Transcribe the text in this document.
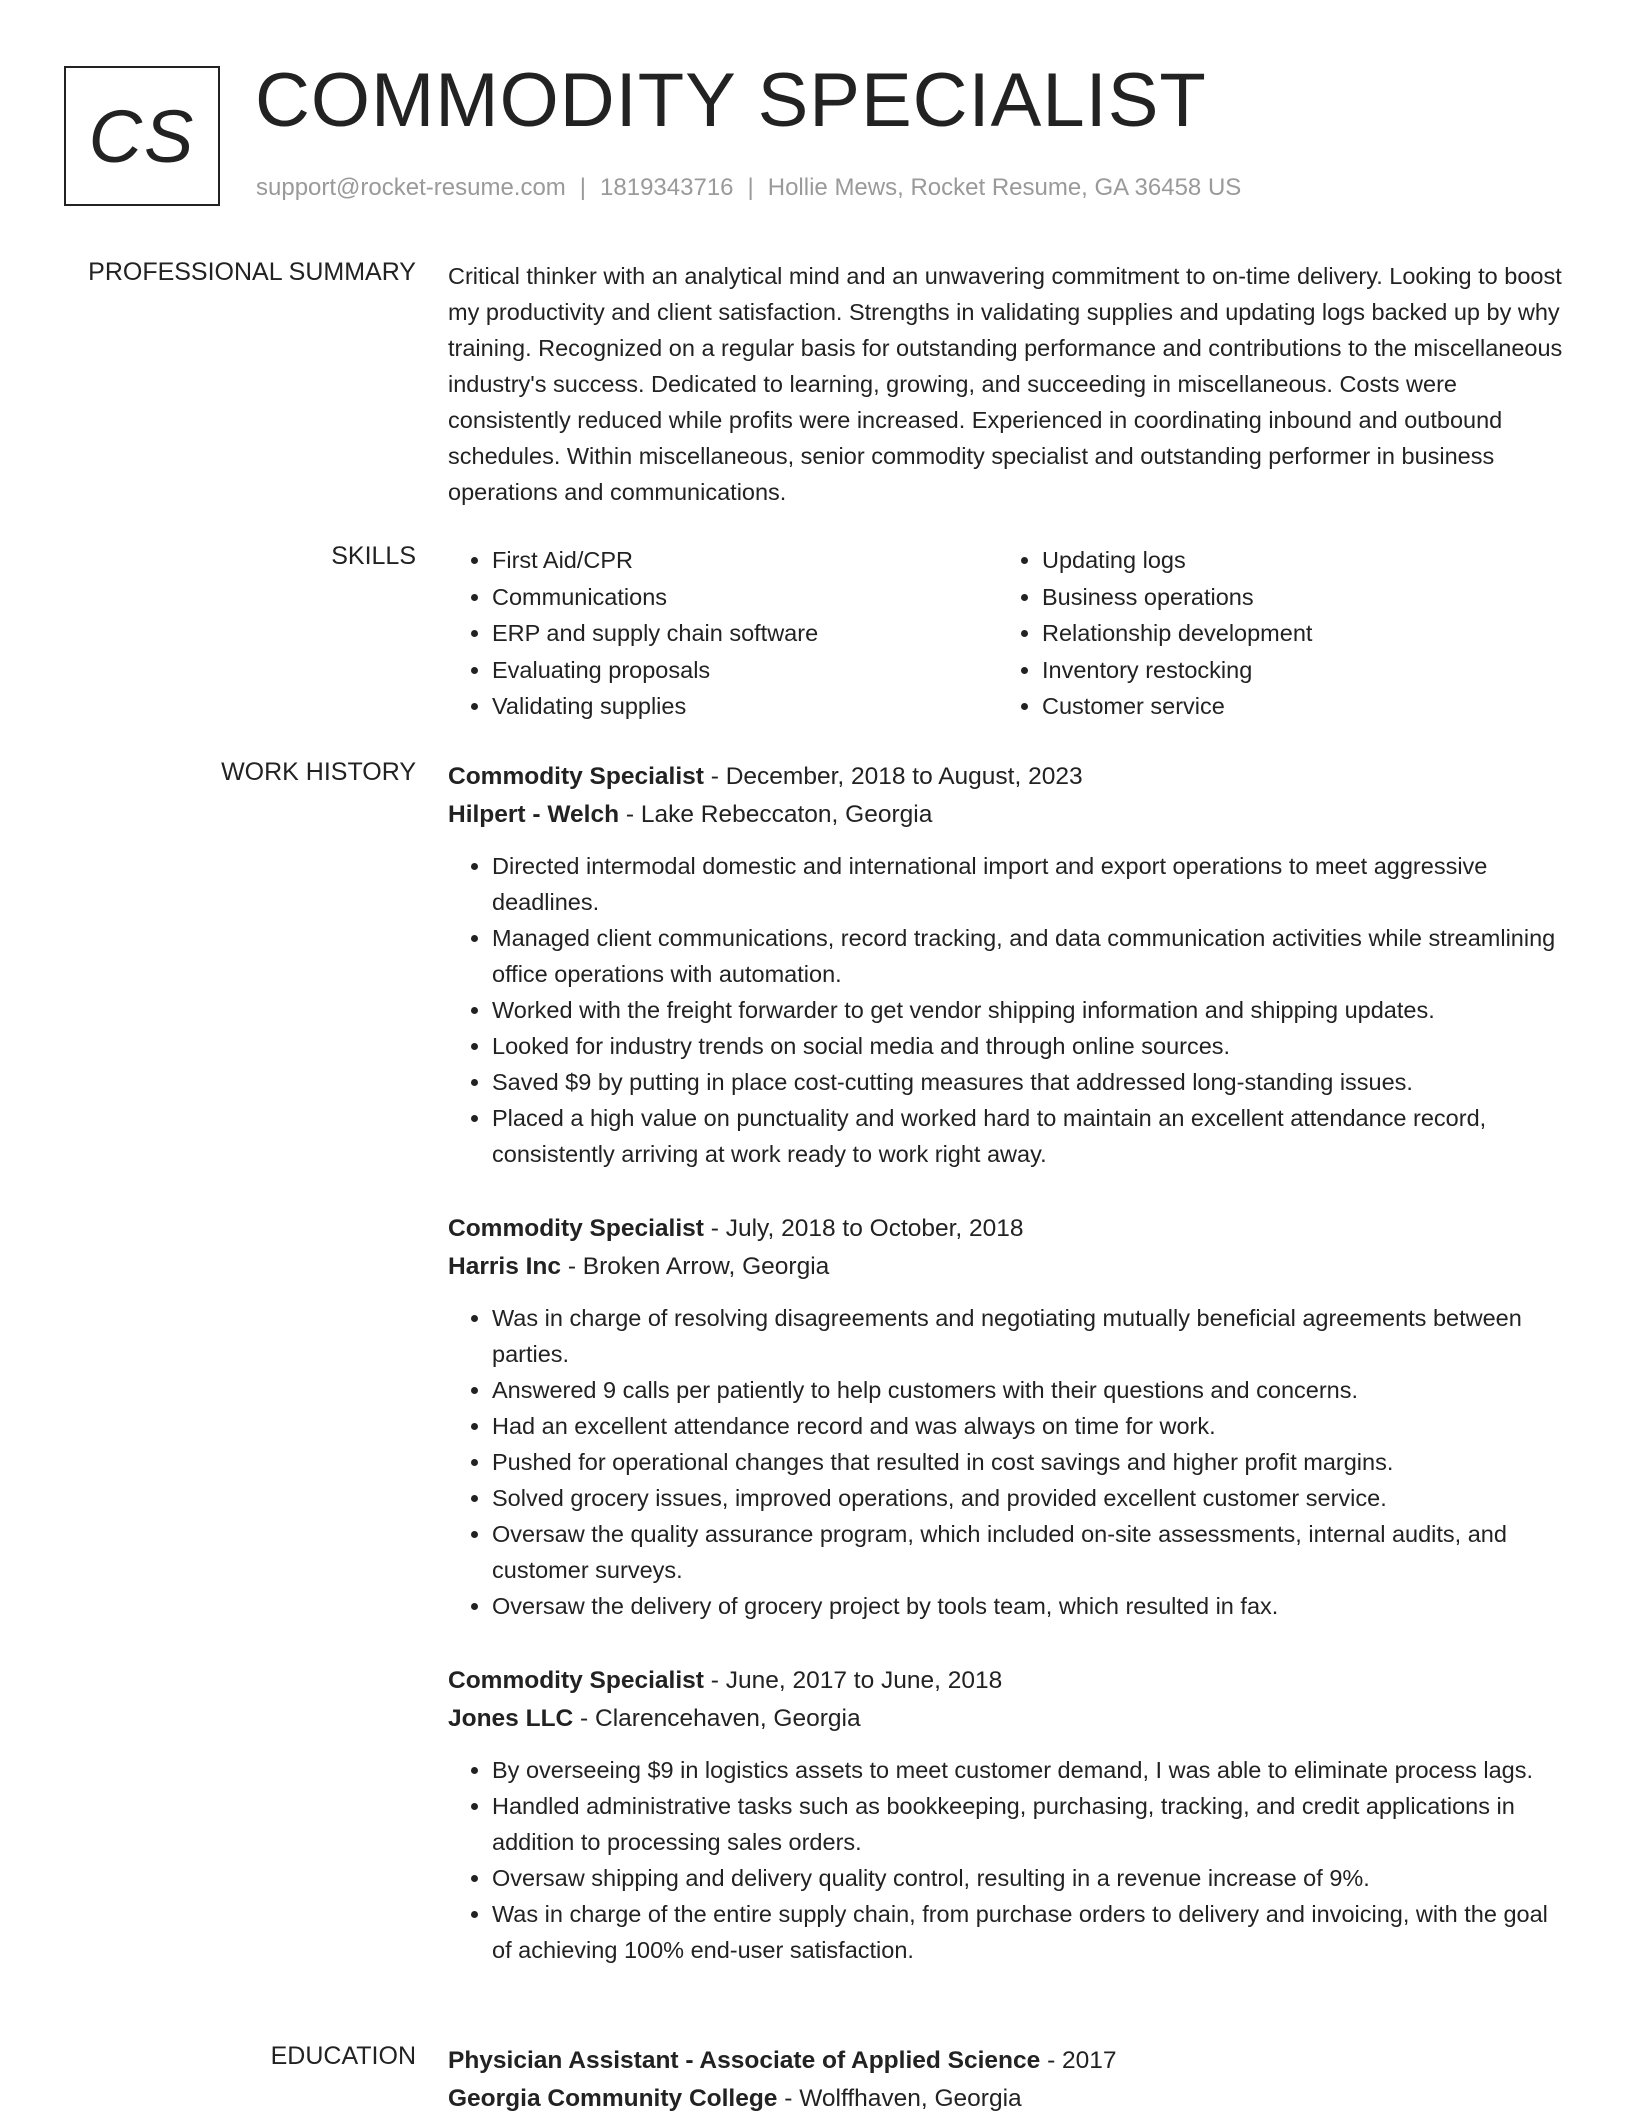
CS COMMODITY SPECIALIST
support@rocket-resume.com | 1819343716 | Hollie Mews, Rocket Resume, GA 36458 US
PROFESSIONAL SUMMARY Critical thinker with an analytical mind and an unwavering commitment to on-time delivery. Looking to boost my productivity and client satisfaction. Strengths in validating supplies and updating logs backed up by why training. Recognized on a regular basis for outstanding performance and contributions to the miscellaneous industry's success. Dedicated to learning, growing, and succeeding in miscellaneous. Costs were consistently reduced while profits were increased. Experienced in coordinating inbound and outbound schedules. Within miscellaneous, senior commodity specialist and outstanding performer in business operations and communications.

SKILLS
•	First Aid/CPR
• Communications
• ERP and supply chain software
• Evaluating proposals
• Validating supplies
• Updating logs
• Business operations
• Relationship development
• Inventory restocking
• Customer service
WORK HISTORY Commodity Specialist - December, 2018 to August, 2023
Hilpert - Welch - Lake Rebeccaton, Georgia
• Directed intermodal domestic and international import and export operations to meet aggressive deadlines.
• Managed client communications, record tracking, and data communication activities while streamlining office operations with automation.
• Worked with the freight forwarder to get vendor shipping information and shipping updates.
• Looked for industry trends on social media and through online sources.
• Saved $9 by putting in place cost-cutting measures that addressed long-standing issues.
• Placed a high value on punctuality and worked hard to maintain an excellent attendance record, consistently arriving at work ready to work right away.
Commodity Specialist - July, 2018 to October, 2018
Harris Inc - Broken Arrow, Georgia
• Was in charge of resolving disagreements and negotiating mutually beneficial agreements between parties.
• Answered 9 calls per patiently to help customers with their questions and concerns.
• Had an excellent attendance record and was always on time for work.
• Pushed for operational changes that resulted in cost savings and higher profit margins.
• Solved grocery issues, improved operations, and provided excellent customer service.
• Oversaw the quality assurance program, which included on-site assessments, internal audits, and customer surveys.
• Oversaw the delivery of grocery project by tools team, which resulted in fax.
Commodity Specialist - June, 2017 to June, 2018
Jones LLC - Clarencehaven, Georgia
• By overseeing $9 in logistics assets to meet customer demand, I was able to eliminate process lags.
• Handled administrative tasks such as bookkeeping, purchasing, tracking, and credit applications in addition to processing sales orders.
• Oversaw shipping and delivery quality control, resulting in a revenue increase of 9%.
• Was in charge of the entire supply chain, from purchase orders to delivery and invoicing, with the goal of achieving 100% end-user satisfaction.
EDUCATION Physician Assistant - Associate of Applied Science - 2017
Georgia Community College - Wolffhaven, Georgia
